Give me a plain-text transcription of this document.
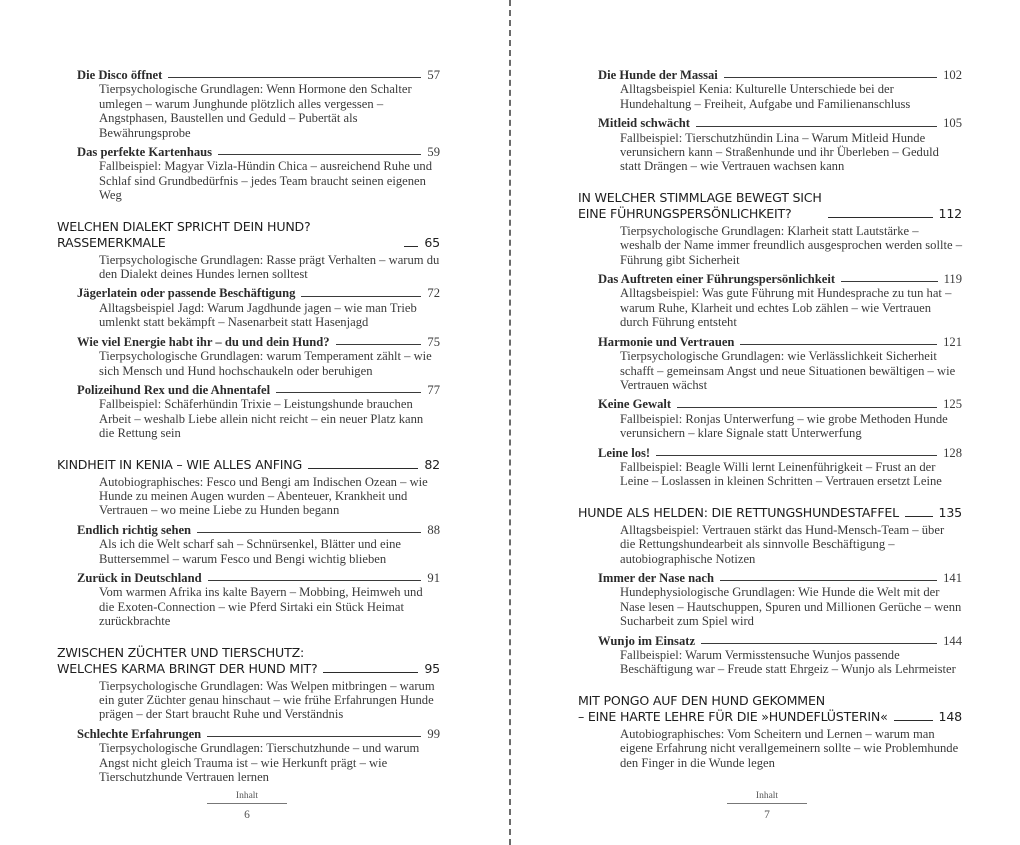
Die Disco öffnet	57
Tierpsychologische Grundlagen: Wenn Hormone den Schalter umlegen – warum Junghunde plötzlich alles vergessen – Angstphasen, Baustellen und Geduld – Pubertät als Bewährungsprobe
Das perfekte Kartenhaus	59
Fallbeispiel: Magyar Vizla-Hündin Chica – ausreichend Ruhe und Schlaf sind Grundbedürfnis – jedes Team braucht seinen eigenen Weg
WELCHEN DIALEKT SPRICHT DEIN HUND? RASSEMERKMALE	65
Tierpsychologische Grundlagen: Rasse prägt Verhalten – warum du den Dialekt deines Hundes lernen solltest
Jägerlatein oder passende Beschäftigung	72
Alltagsbeispiel Jagd: Warum Jagdhunde jagen – wie man Trieb umlenkt statt bekämpft – Nasenarbeit statt Hasenjagd
Wie viel Energie habt ihr – du und dein Hund?	75
Tierpsychologische Grundlagen: warum Temperament zählt – wie sich Mensch und Hund hochschaukeln oder beruhigen
Polizeihund Rex und die Ahnentafel	77
Fallbeispiel: Schäferhündin Trixie – Leistungshunde brauchen Arbeit – weshalb Liebe allein nicht reicht – ein neuer Platz kann die Rettung sein
KINDHEIT IN KENIA – WIE ALLES ANFING	82
Autobiographisches: Fesco und Bengi am Indischen Ozean – wie Hunde zu meinen Augen wurden – Abenteuer, Krankheit und Vertrauen – wo meine Liebe zu Hunden begann
Endlich richtig sehen	88
Als ich die Welt scharf sah – Schnürsenkel, Blätter und eine Buttersemmel – warum Fesco und Bengi wichtig blieben
Zurück in Deutschland	91
Vom warmen Afrika ins kalte Bayern – Mobbing, Heimweh und die Exoten-Connection – wie Pferd Sirtaki ein Stück Heimat zurückbrachte
ZWISCHEN ZÜCHTER UND TIERSCHUTZ:
WELCHES KARMA BRINGT DER HUND MIT?	95
Tierpsychologische Grundlagen: Was Welpen mitbringen – warum ein guter Züchter genau hinschaut – wie frühe Erfahrungen Hunde prägen – der Start braucht Ruhe und Verständnis
Schlechte Erfahrungen	99
Tierpsychologische Grundlagen: Tierschutzhunde – und warum Angst nicht gleich Trauma ist – wie Herkunft prägt – wie Tierschutzhunde Vertrauen lernen
Inhalt
6
Die Hunde der Massai	102
Alltagsbeispiel Kenia: Kulturelle Unterschiede bei der Hundehaltung – Freiheit, Aufgabe und Familienanschluss
Mitleid schwächt	105
Fallbeispiel: Tierschutzhündin Lina – Warum Mitleid Hunde verunsichern kann – Straßenhunde und ihr Überleben – Geduld statt Drängen – wie Vertrauen wachsen kann
IN WELCHER STIMMLAGE BEWEGT SICH
EINE FÜHRUNGSPERSÖNLICHKEIT?	112
Tierpsychologische Grundlagen: Klarheit statt Lautstärke – weshalb der Name immer freundlich ausgesprochen werden sollte – Führung gibt Sicherheit
Das Auftreten einer Führungspersönlichkeit	119
Alltagsbeispiel: Was gute Führung mit Hundesprache zu tun hat – warum Ruhe, Klarheit und echtes Lob zählen – wie Vertrauen durch Führung entsteht
Harmonie und Vertrauen	121
Tierpsychologische Grundlagen: wie Verlässlichkeit Sicherheit schafft – gemeinsam Angst und neue Situationen bewältigen – wie Vertrauen wächst
Keine Gewalt	125
Fallbeispiel: Ronjas Unterwerfung – wie grobe Methoden Hunde verunsichern – klare Signale statt Unterwerfung
Leine los!	128
Fallbeispiel: Beagle Willi lernt Leinenführigkeit – Frust an der Leine – Loslassen in kleinen Schritten – Vertrauen ersetzt Leine
HUNDE ALS HELDEN: DIE RETTUNGSHUNDESTAFFEL	135
Alltagsbeispiel: Vertrauen stärkt das Hund-Mensch-Team – über die Rettungshundearbeit als sinnvolle Beschäftigung – autobiographische Notizen
Immer der Nase nach	141
Hundephysiologische Grundlagen: Wie Hunde die Welt mit der Nase lesen – Hautschuppen, Spuren und Millionen Gerüche – wenn Sucharbeit zum Spiel wird
Wunjo im Einsatz	144
Fallbeispiel: Warum Vermisstensuche Wunjos passende Beschäftigung war – Freude statt Ehrgeiz – Wunjo als Lehrmeister
MIT PONGO AUF DEN HUND GEKOMMEN
– EINE HARTE LEHRE FÜR DIE »HUNDEFLÜSTERIN«	148
Autobiographisches: Vom Scheitern und Lernen – warum man eigene Erfahrung nicht verallgemeinern sollte – wie Problemhunde den Finger in die Wunde legen
Inhalt
7
